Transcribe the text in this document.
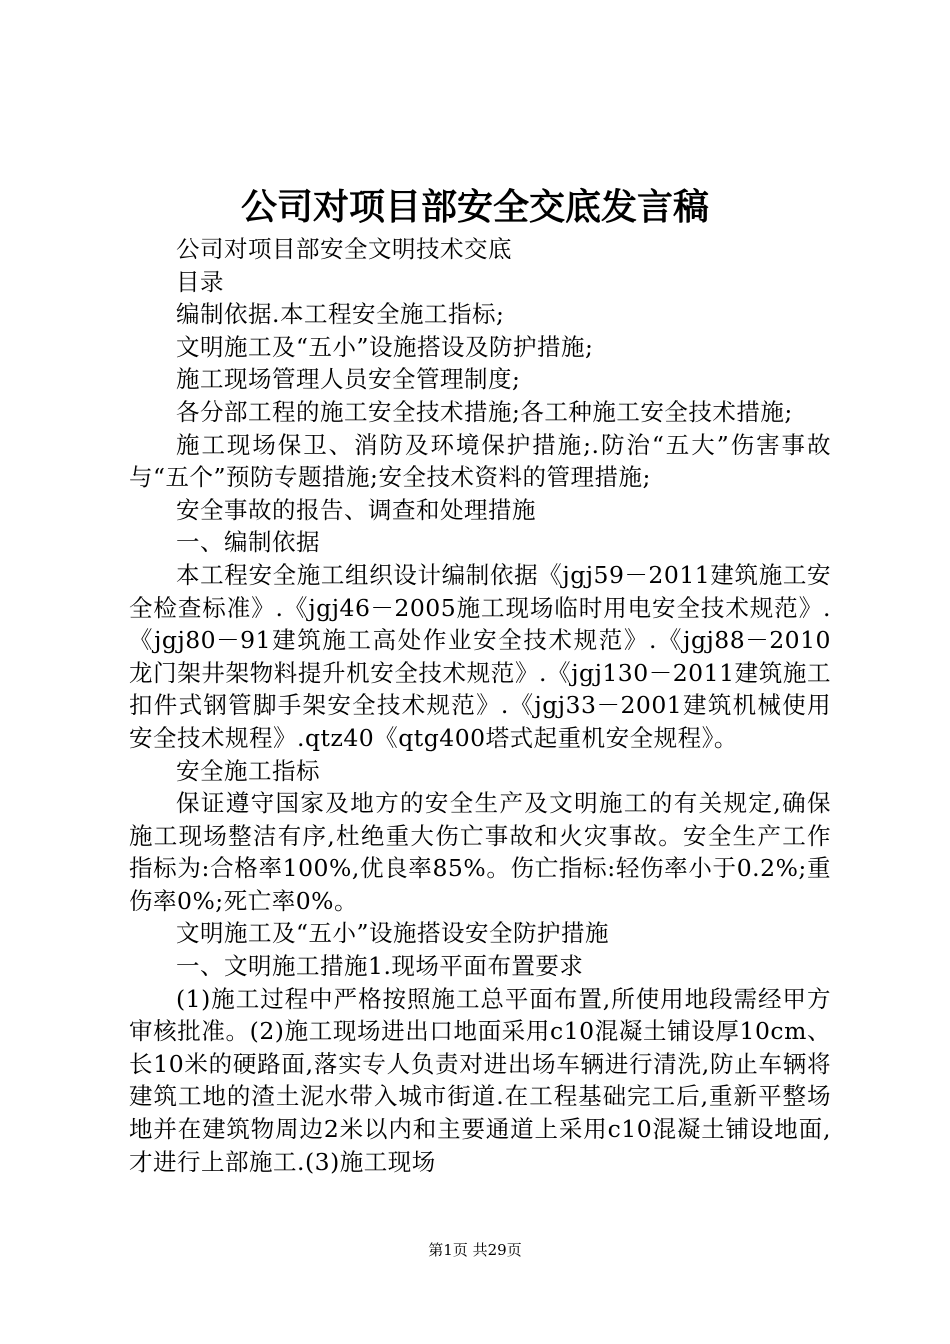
公司对项目部安全交底发言稿

公司对项目部安全文明技术交底

目录

编制依据.本工程安全施工指标;

文明施工及“五小”设施搭设及防护措施;

施工现场管理人员安全管理制度;

各分部工程的施工安全技术措施;各工种施工安全技术措施;

施工现场保卫、消防及环境保护措施;.防治“五大”伤害事故与“五个”预防专题措施;安全技术资料的管理措施;

安全事故的报告、调查和处理措施

一、编制依据

本工程安全施工组织设计编制依据《jgj59－2011建筑施工安全检查标准》.《jgj46－2005施工现场临时用电安全技术规范》.《jgj80－91建筑施工高处作业安全技术规范》.《jgj88－2010龙门架井架物料提升机安全技术规范》.《jgj130－2011建筑施工扣件式钢管脚手架安全技术规范》.《jgj33－2001建筑机械使用安全技术规程》.qtz40《qtg400塔式起重机安全规程》。

安全施工指标

保证遵守国家及地方的安全生产及文明施工的有关规定,确保施工现场整洁有序,杜绝重大伤亡事故和火灾事故。安全生产工作指标为:合格率100%,优良率85%。伤亡指标:轻伤率小于0.2%;重伤率0%;死亡率0%。

文明施工及“五小”设施搭设安全防护措施

一、文明施工措施1.现场平面布置要求

(1)施工过程中严格按照施工总平面布置,所使用地段需经甲方审核批准。(2)施工现场进出口地面采用c10混凝土铺设厚10cm、长10米的硬路面,落实专人负责对进出场车辆进行清洗,防止车辆将建筑工地的渣土泥水带入城市街道.在工程基础完工后,重新平整场地并在建筑物周边2米以内和主要通道上采用c10混凝土铺设地面,才进行上部施工.(3)施工现场

第1页 共29页
